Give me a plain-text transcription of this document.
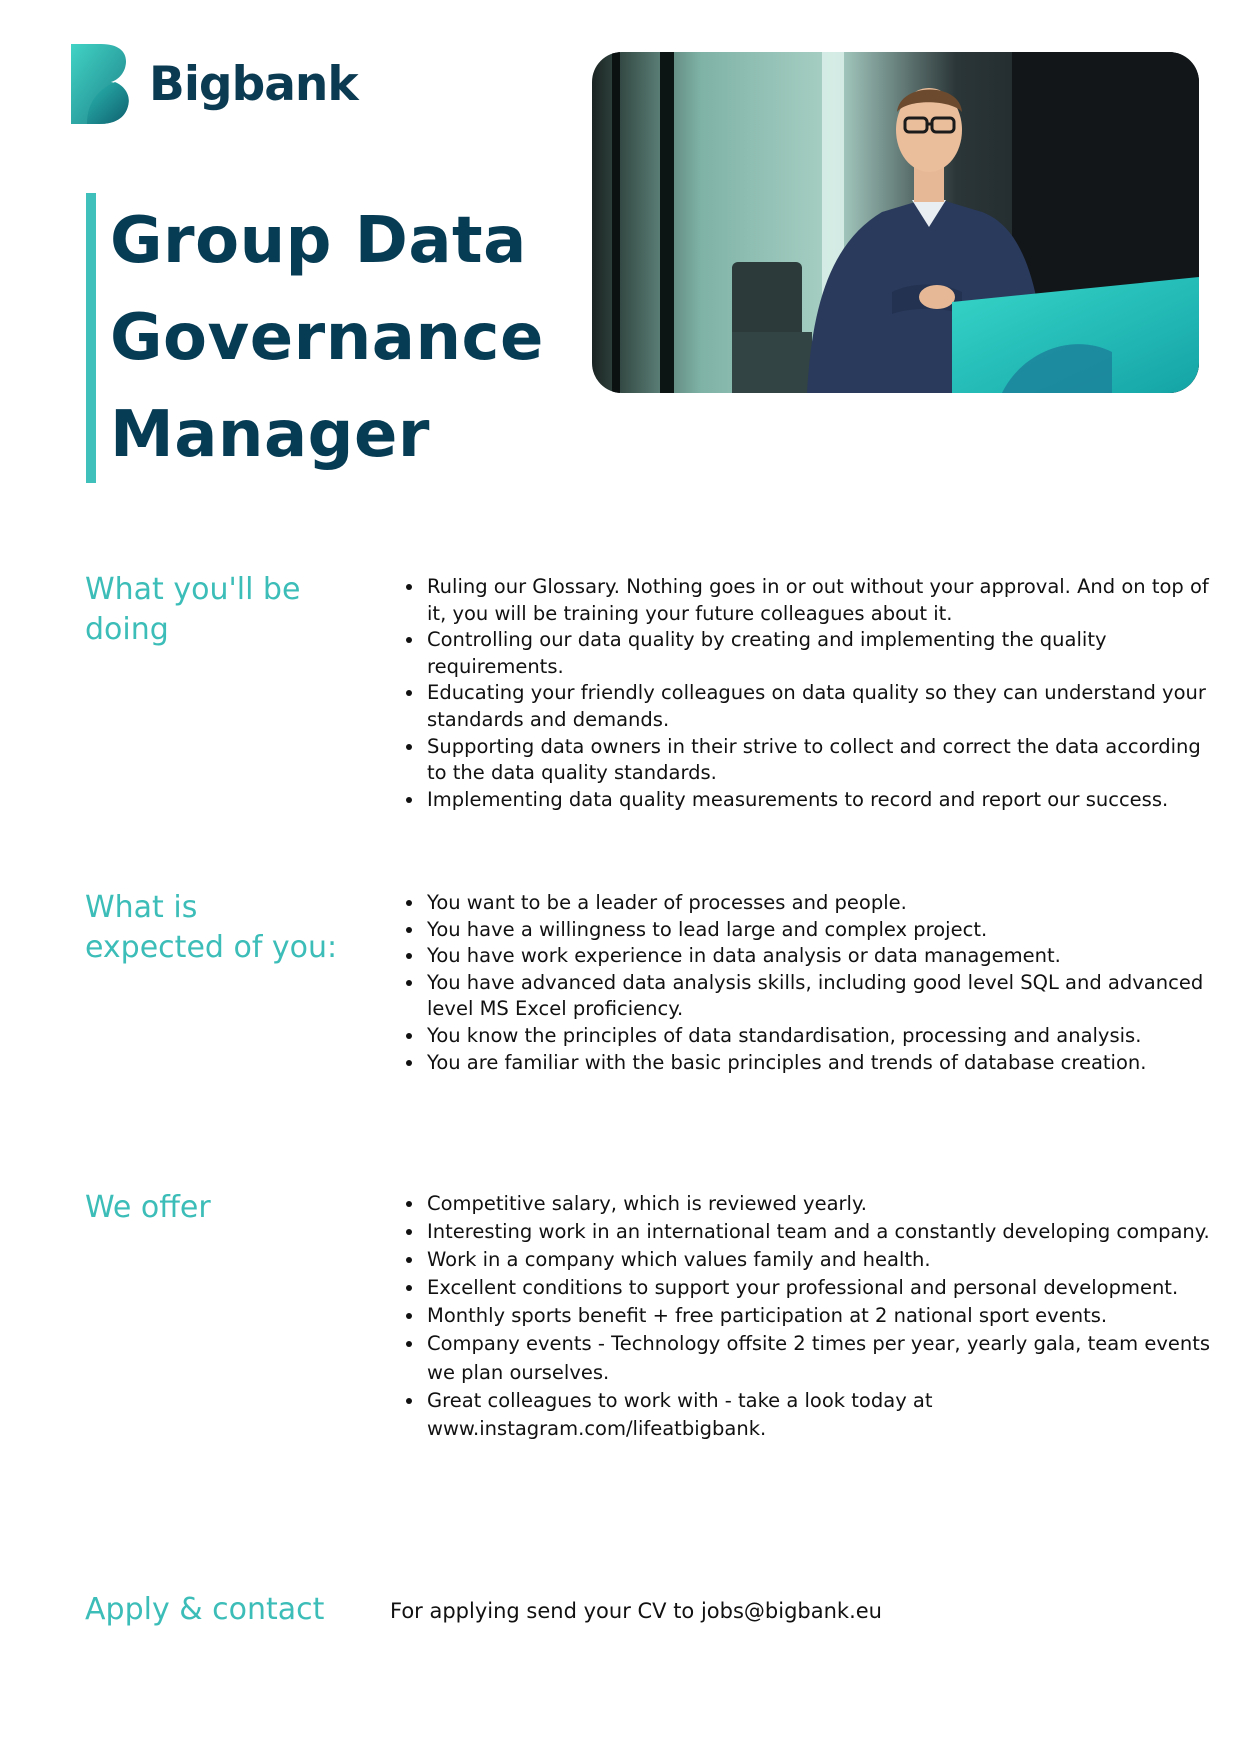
Bigbank
Group Data
Governance
Manager
What you'll be
doing
• Ruling our Glossary. Nothing goes in or out without your approval. And on top of it, you will be training your future colleagues about it.
• Controlling our data quality by creating and implementing the quality requirements.
• Educating your friendly colleagues on data quality so they can understand your standards and demands.
• Supporting data owners in their strive to collect and correct the data according to the data quality standards.
• Implementing data quality measurements to record and report our success.
What is
expected of you:
• You want to be a leader of processes and people.
• You have a willingness to lead large and complex project.
• You have work experience in data analysis or data management.
• You have advanced data analysis skills, including good level SQL and advanced level MS Excel proficiency.
• You know the principles of data standardisation, processing and analysis.
• You are familiar with the basic principles and trends of database creation.
We offer
•	Competitive salary, which is reviewed yearly.
• Interesting work in an international team and a constantly developing company.
• Work in a company which values family and health.
• Excellent conditions to support your professional and personal development.
• Monthly sports benefit + free participation at 2 national sport events.
• Company events - Technology offsite 2 times per year, yearly gala, team events we plan ourselves.
• Great colleagues to work with - take a look today at www.instagram.com/lifeatbigbank.
Apply & contact	For applying send your CV to jobs@bigbank.eu
